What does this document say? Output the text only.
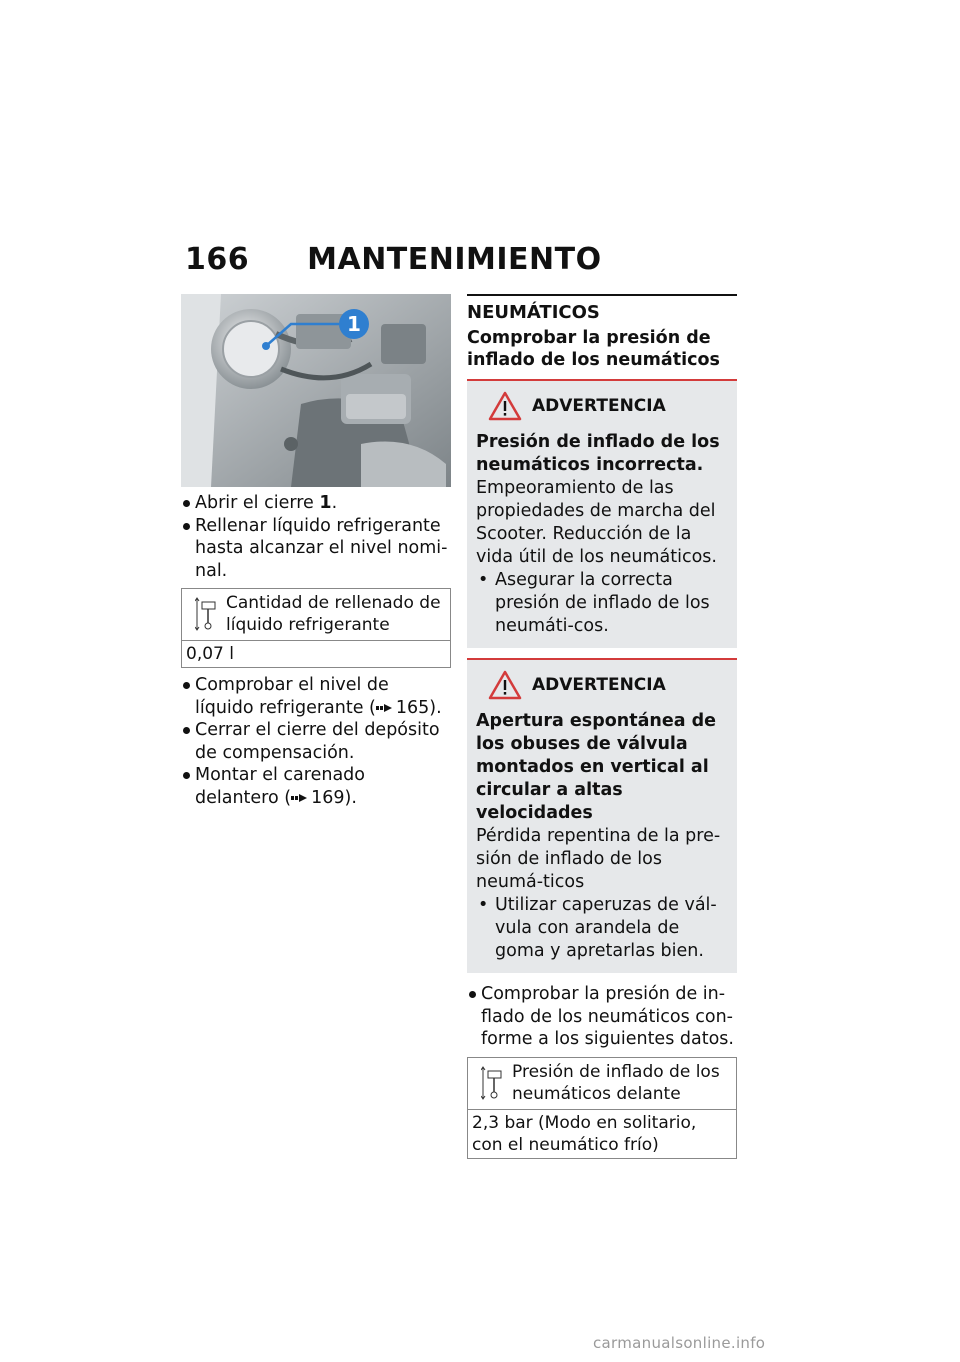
166 MANTENIMIENTO
1
Abrir el cierre 1.
Rellenar líquido refrigerante hasta alcanzar el nivel nomi-nal.
Cantidad de rellenado de líquido refrigerante
0,07 l
Comprobar el nivel de líquido refrigerante ( 165).
Cerrar el cierre del depósito de compensación.
Montar el carenado delantero ( 169).
NEUMÁTICOS
Comprobar la presión de inflado de los neumáticos
ADVERTENCIA
Presión de inflado de los neumáticos incorrecta.
Empeoramiento de las propiedades de marcha del Scooter. Reducción de la vida útil de los neumáticos.
• Asegurar la correcta presión de inflado de los neumáti-cos.
ADVERTENCIA
Apertura espontánea de los obuses de válvula montados en vertical al circular a altas velocidades
Pérdida repentina de la pre-sión de inflado de los neumá-ticos
• Utilizar caperuzas de vál-vula con arandela de goma y apretarlas bien.
Comprobar la presión de in-flado de los neumáticos con-forme a los siguientes datos.
Presión de inflado de los neumáticos delante
2,3 bar (Modo en solitario, con el neumático frío)
carmanualsonline.info
